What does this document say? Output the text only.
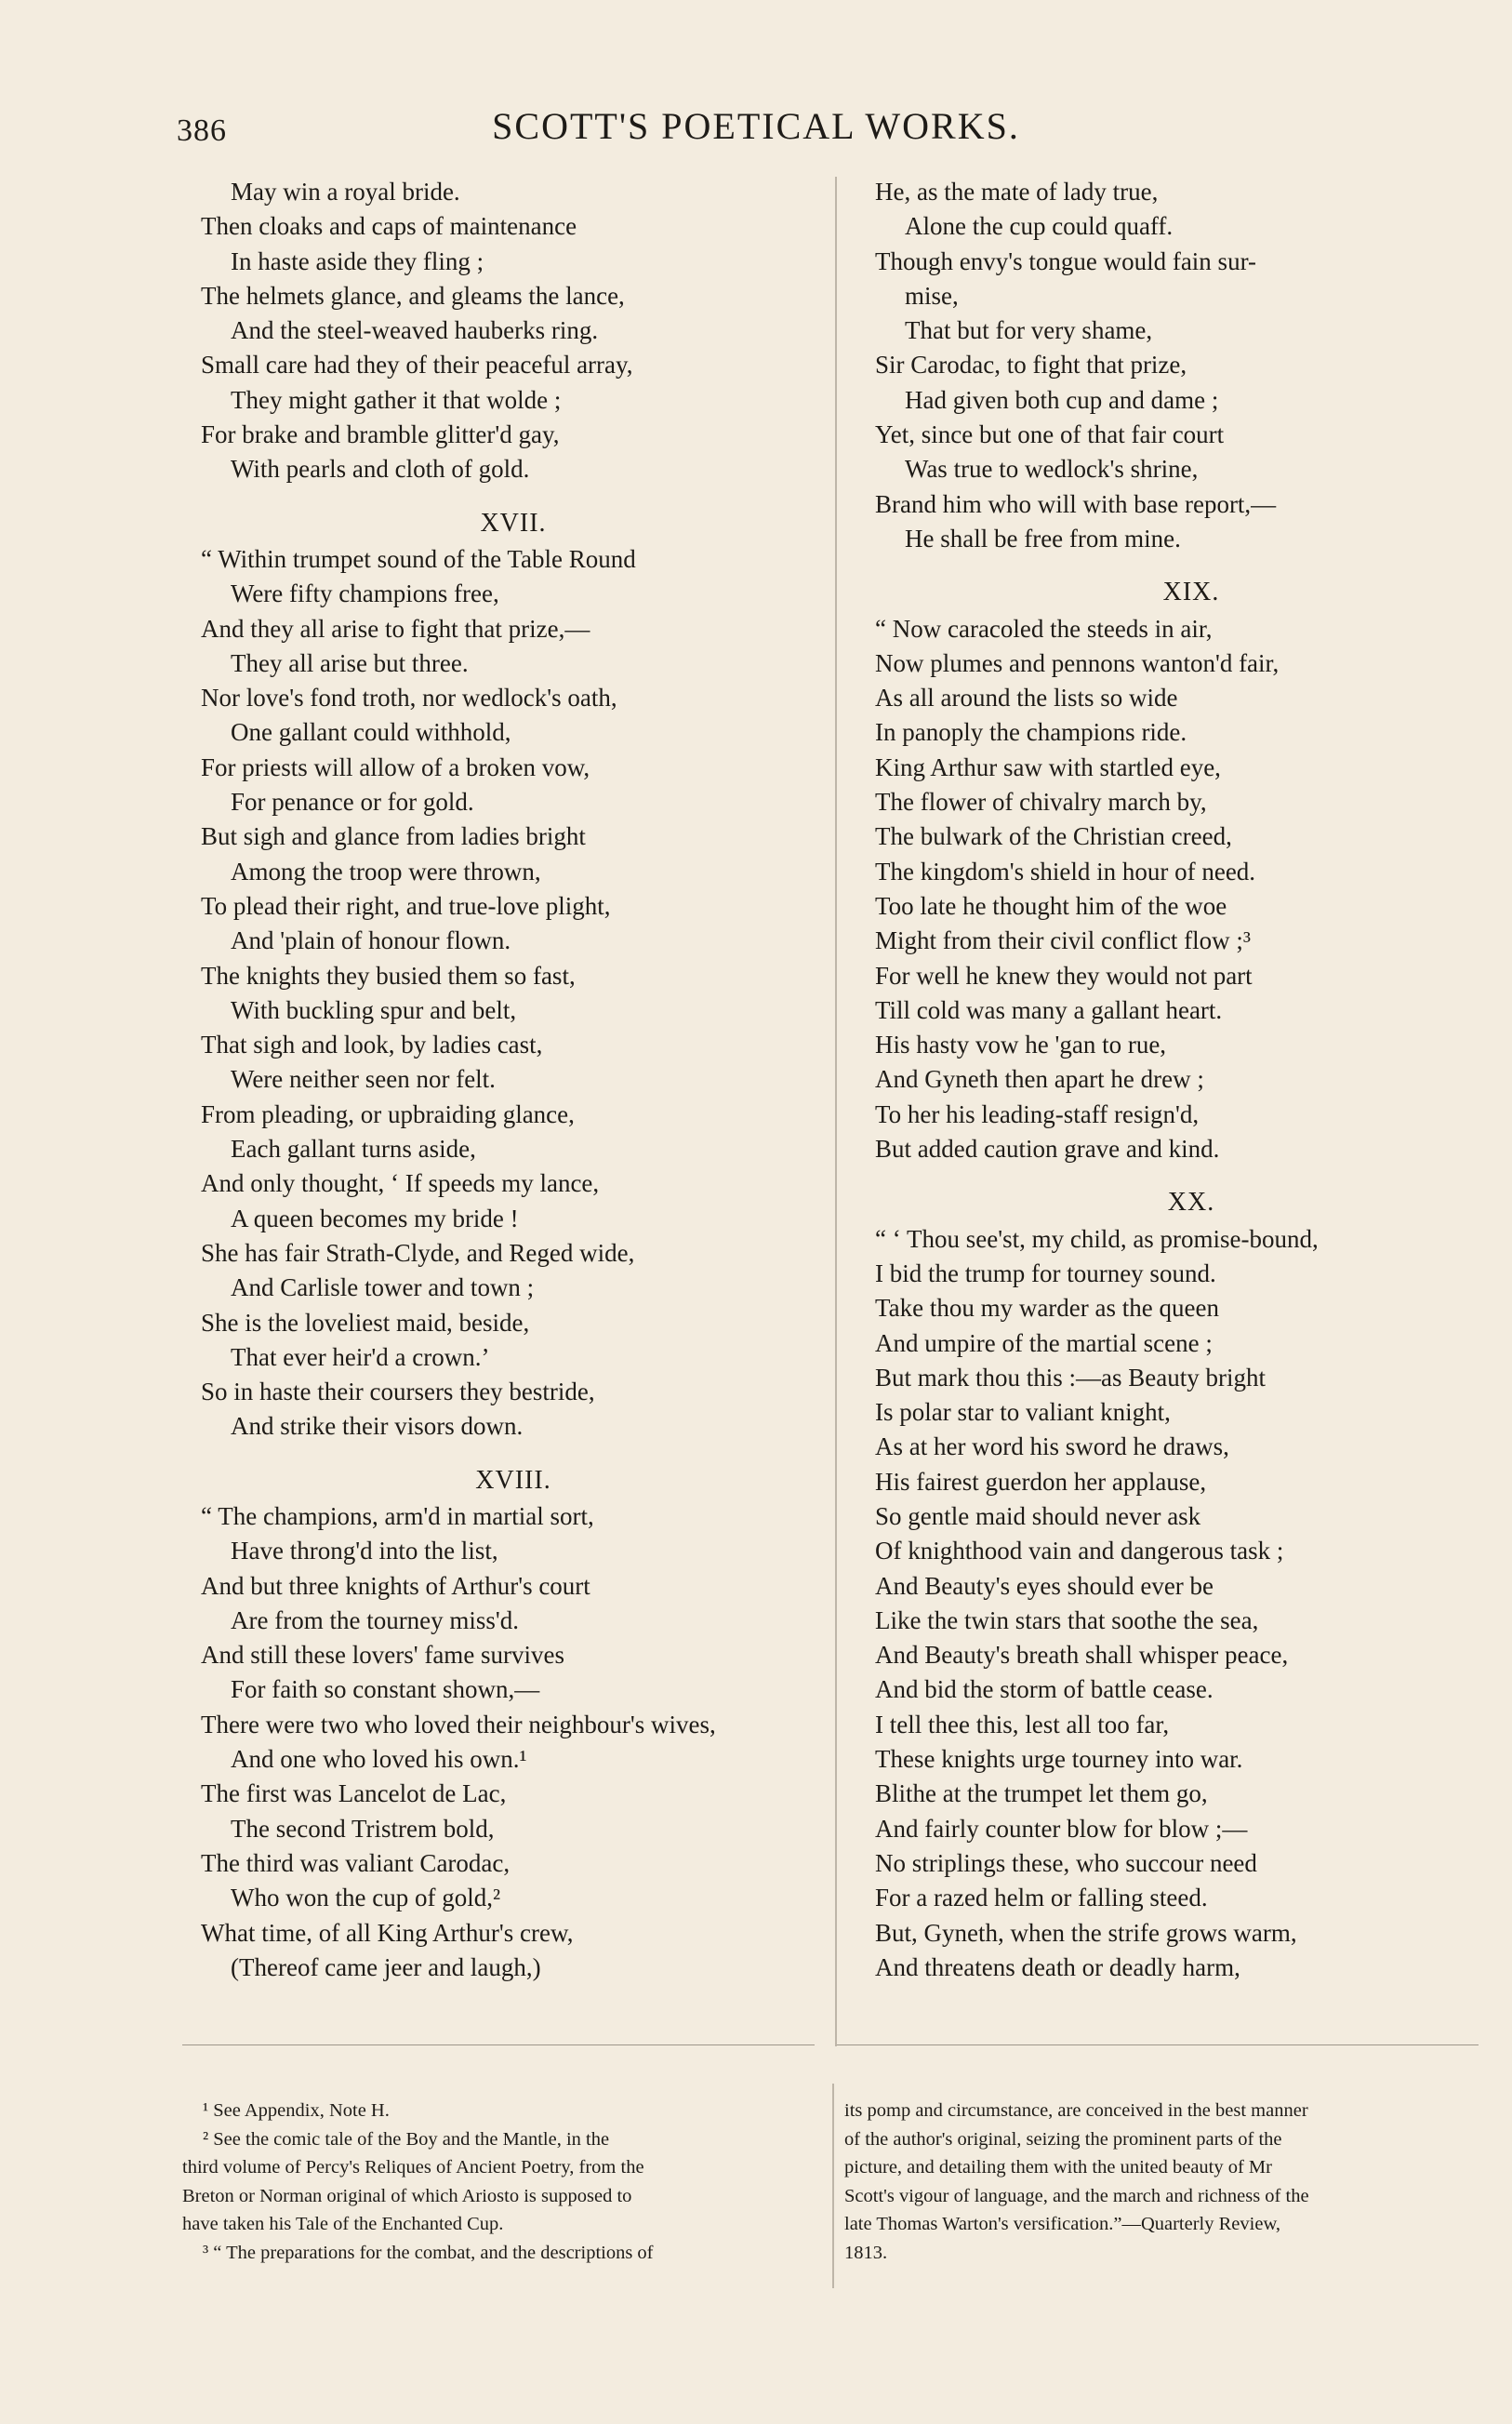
386	SCOTT'S POETICAL WORKS.
May win a royal bride.
Then cloaks and caps of maintenance
In haste aside they fling ;
The helmets glance, and gleams the lance,
And the steel-weaved hauberks ring.
Small care had they of their peaceful array,
They might gather it that wolde ;
For brake and bramble glitter'd gay,
With pearls and cloth of gold.
XVII.
“ Within trumpet sound of the Table Round
Were fifty champions free,
And they all arise to fight that prize,—
They all arise but three.
Nor love's fond troth, nor wedlock's oath,
One gallant could withhold,
For priests will allow of a broken vow,
For penance or for gold.
But sigh and glance from ladies bright
Among the troop were thrown,
To plead their right, and true-love plight,
And 'plain of honour flown.
The knights they busied them so fast,
With buckling spur and belt,
That sigh and look, by ladies cast,
Were neither seen nor felt.
From pleading, or upbraiding glance,
Each gallant turns aside,
And only thought, ‘ If speeds my lance,
A queen becomes my bride !
She has fair Strath-Clyde, and Reged wide,
And Carlisle tower and town ;
She is the loveliest maid, beside,
That ever heir'd a crown.’
So in haste their coursers they bestride,
And strike their visors down.
XVIII.
“ The champions, arm'd in martial sort,
Have throng'd into the list,
And but three knights of Arthur's court
Are from the tourney miss'd.
And still these lovers' fame survives
For faith so constant shown,—
There were two who loved their neighbour's wives,
And one who loved his own.¹
The first was Lancelot de Lac,
The second Tristrem bold,
The third was valiant Carodac,
Who won the cup of gold,²
What time, of all King Arthur's crew,
(Thereof came jeer and laugh,)
He, as the mate of lady true,
Alone the cup could quaff.
Though envy's tongue would fain sur-
mise,
That but for very shame,
Sir Carodac, to fight that prize,
Had given both cup and dame ;
Yet, since but one of that fair court
Was true to wedlock's shrine,
Brand him who will with base report,—
He shall be free from mine.
XIX.
“ Now caracoled the steeds in air,
Now plumes and pennons wanton'd fair,
As all around the lists so wide
In panoply the champions ride.
King Arthur saw with startled eye,
The flower of chivalry march by,
The bulwark of the Christian creed,
The kingdom's shield in hour of need.
Too late he thought him of the woe
Might from their civil conflict flow ;³
For well he knew they would not part
Till cold was many a gallant heart.
His hasty vow he 'gan to rue,
And Gyneth then apart he drew ;
To her his leading-staff resign'd,
But added caution grave and kind.
XX.
“ ‘ Thou see'st, my child, as promise-bound,
I bid the trump for tourney sound.
Take thou my warder as the queen
And umpire of the martial scene ;
But mark thou this :—as Beauty bright
Is polar star to valiant knight,
As at her word his sword he draws,
His fairest guerdon her applause,
So gentle maid should never ask
Of knighthood vain and dangerous task ;
And Beauty's eyes should ever be
Like the twin stars that soothe the sea,
And Beauty's breath shall whisper peace,
And bid the storm of battle cease.
I tell thee this, lest all too far,
These knights urge tourney into war.
Blithe at the trumpet let them go,
And fairly counter blow for blow ;—
No striplings these, who succour need
For a razed helm or falling steed.
But, Gyneth, when the strife grows warm,
And threatens death or deadly harm,
¹ See Appendix, Note H.
² See the comic tale of the Boy and the Mantle, in the
third volume of Percy's Reliques of Ancient Poetry, from the
Breton or Norman original of which Ariosto is supposed to
have taken his Tale of the Enchanted Cup.
³ “ The preparations for the combat, and the descriptions of
its pomp and circumstance, are conceived in the best manner
of the author's original, seizing the prominent parts of the
picture, and detailing them with the united beauty of Mr
Scott's vigour of language, and the march and richness of the
late Thomas Warton's versification.”—Quarterly Review,
1813.
